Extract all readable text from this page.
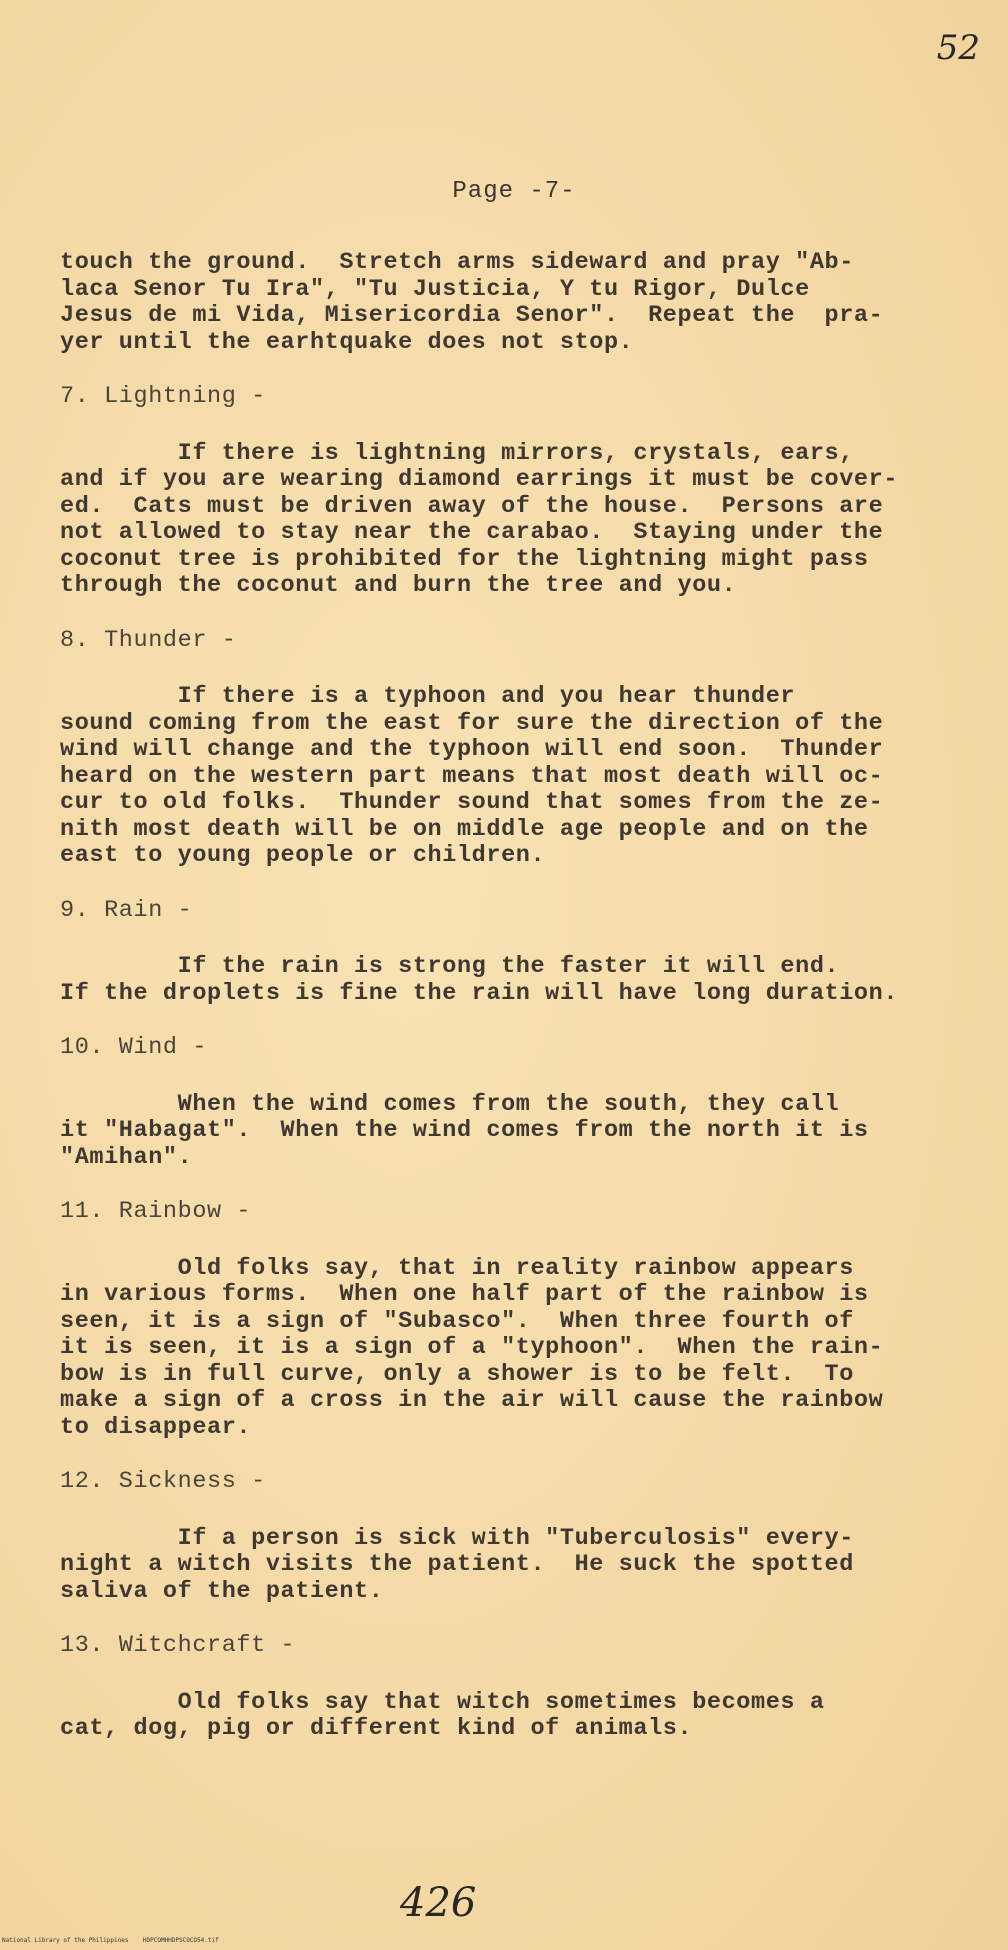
52
Page -7-
touch the ground.  Stretch arms sideward and pray "Ab-
laca Senor Tu Ira", "Tu Justicia, Y tu Rigor, Dulce
Jesus de mi Vida, Misericordia Senor".  Repeat the  pra-
yer until the earhtquake does not stop.
7. Lightning -
If there is lightning mirrors, crystals, ears,
and if you are wearing diamond earrings it must be cover-
ed.  Cats must be driven away of the house.  Persons are
not allowed to stay near the carabao.  Staying under the
coconut tree is prohibited for the lightning might pass
through the coconut and burn the tree and you.
8. Thunder -
If there is a typhoon and you hear thunder
sound coming from the east for sure the direction of the
wind will change and the typhoon will end soon.  Thunder
heard on the western part means that most death will oc-
cur to old folks.  Thunder sound that somes from the ze-
nith most death will be on middle age people and on the
east to young people or children.
9. Rain -
If the rain is strong the faster it will end.
If the droplets is fine the rain will have long duration.
10. Wind -
When the wind comes from the south, they call
it "Habagat".  When the wind comes from the north it is
"Amihan".
11. Rainbow -
Old folks say, that in reality rainbow appears
in various forms.  When one half part of the rainbow is
seen, it is a sign of "Subasco".  When three fourth of
it is seen, it is a sign of a "typhoon".  When the rain-
bow is in full curve, only a shower is to be felt.  To
make a sign of a cross in the air will cause the rainbow
to disappear.
12. Sickness -
If a person is sick with "Tuberculosis" every-
night a witch visits the patient.  He suck the spotted
saliva of the patient.
13. Witchcraft -
Old folks say that witch sometimes becomes a
cat, dog, pig or different kind of animals.
426
National Library of the Philippines    HDPCOMHHDPSCOCO54.tif
